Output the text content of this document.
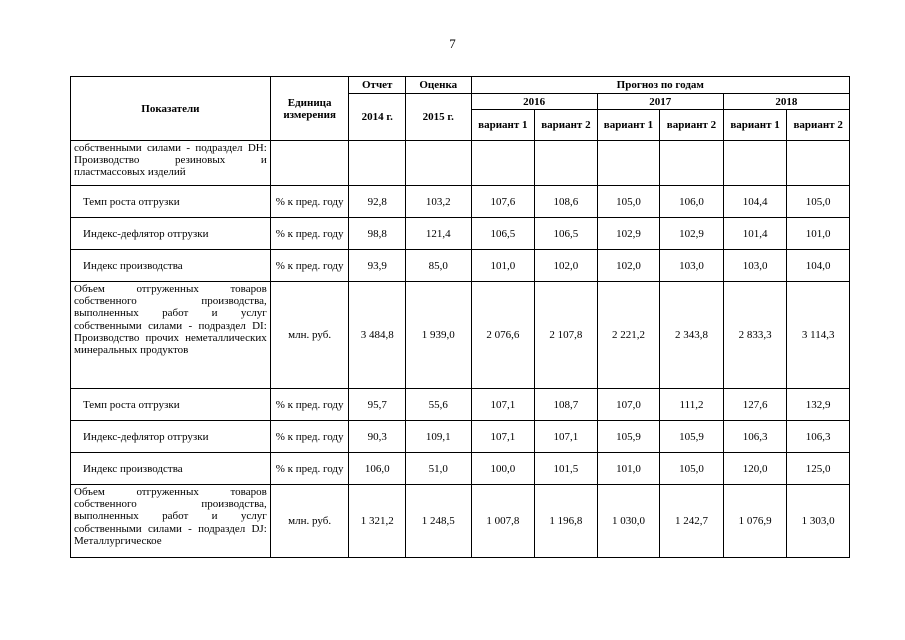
7
Показатели	Единица измерения	Отчет	Оценка	Прогноз по годам					
		2014 г.	2015 г.	2016		2017		2018	
				вариант 1	вариант 2	вариант 1	вариант 2	вариант 1	вариант 2
собственными силами - подраздел DH: Производство резиновых и пластмассовых изделий									
Темп роста отгрузки	% к пред. году	92,8	103,2	107,6	108,6	105,0	106,0	104,4	105,0
Индекс-дефлятор отгрузки	% к пред. году	98,8	121,4	106,5	106,5	102,9	102,9	101,4	101,0
Индекс производства	% к пред. году	93,9	85,0	101,0	102,0	102,0	103,0	103,0	104,0
Объем отгруженных товаров собственного производства, выполненных работ и услуг собственными силами - подраздел DI: Производство прочих неметаллических минеральных продуктов	млн. руб.	3 484,8	1 939,0	2 076,6	2 107,8	2 221,2	2 343,8	2 833,3	3 114,3
Темп роста отгрузки	% к пред. году	95,7	55,6	107,1	108,7	107,0	111,2	127,6	132,9
Индекс-дефлятор отгрузки	% к пред. году	90,3	109,1	107,1	107,1	105,9	105,9	106,3	106,3
Индекс производства	% к пред. году	106,0	51,0	100,0	101,5	101,0	105,0	120,0	125,0
Объем отгруженных товаров собственного производства, выполненных работ и услуг собственными силами - подраздел DJ: Металлургическое	млн. руб.	1 321,2	1 248,5	1 007,8	1 196,8	1 030,0	1 242,7	1 076,9	1 303,0
